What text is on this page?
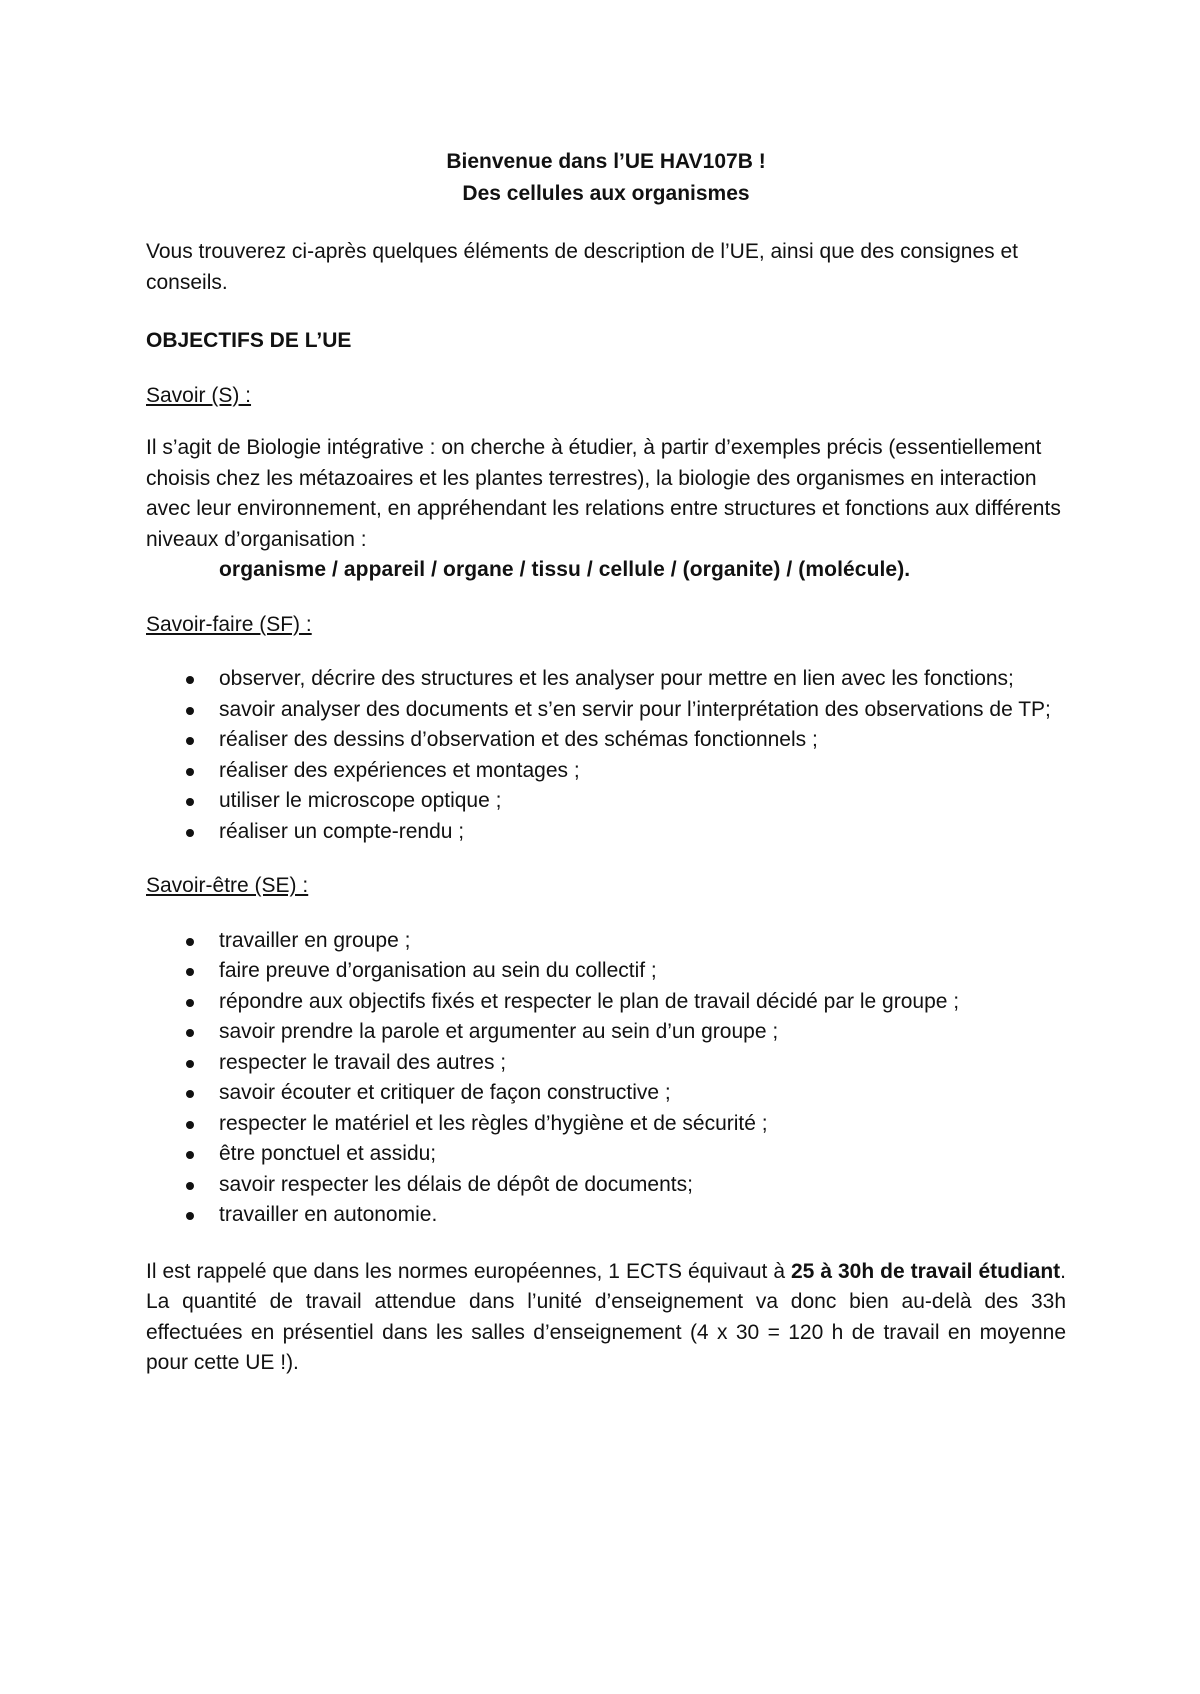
Bienvenue dans l’UE HAV107B !
Des cellules aux organismes

Vous trouverez ci-après quelques éléments de description de l’UE, ainsi que des consignes et conseils.

OBJECTIFS DE L’UE

Savoir (S) :

Il s’agit de Biologie intégrative : on cherche à étudier, à partir d’exemples précis (essentiellement choisis chez les métazoaires et les plantes terrestres), la biologie des organismes en interaction avec leur environnement, en appréhendant les relations entre structures et fonctions aux différents niveaux d’organisation :

organisme / appareil / organe / tissu / cellule / (organite) / (molécule).

Savoir-faire (SF) :

observer, décrire des structures et les analyser pour mettre en lien avec les fonctions;
savoir analyser des documents et s’en servir pour l’interprétation des observations de TP;
réaliser des dessins d’observation et des schémas fonctionnels ;
réaliser des expériences et montages ;
utiliser le microscope optique ;
réaliser un compte-rendu ;

Savoir-être (SE) :

travailler en groupe ;
faire preuve d’organisation au sein du collectif ;
répondre aux objectifs fixés et respecter le plan de travail décidé par le groupe ;
savoir prendre la parole et argumenter au sein d’un groupe ;
respecter le travail des autres ;
savoir écouter et critiquer de façon constructive ;
respecter le matériel et les règles d’hygiène et de sécurité ;
être ponctuel et assidu;
savoir respecter les délais de dépôt de documents;
travailler en autonomie.

Il est rappelé que dans les normes européennes, 1 ECTS équivaut à 25 à 30h de travail étudiant. La quantité de travail attendue dans l’unité d’enseignement va donc bien au-delà des 33h effectuées en présentiel dans les salles d’enseignement (4 x 30 = 120 h de travail en moyenne pour cette UE !).
